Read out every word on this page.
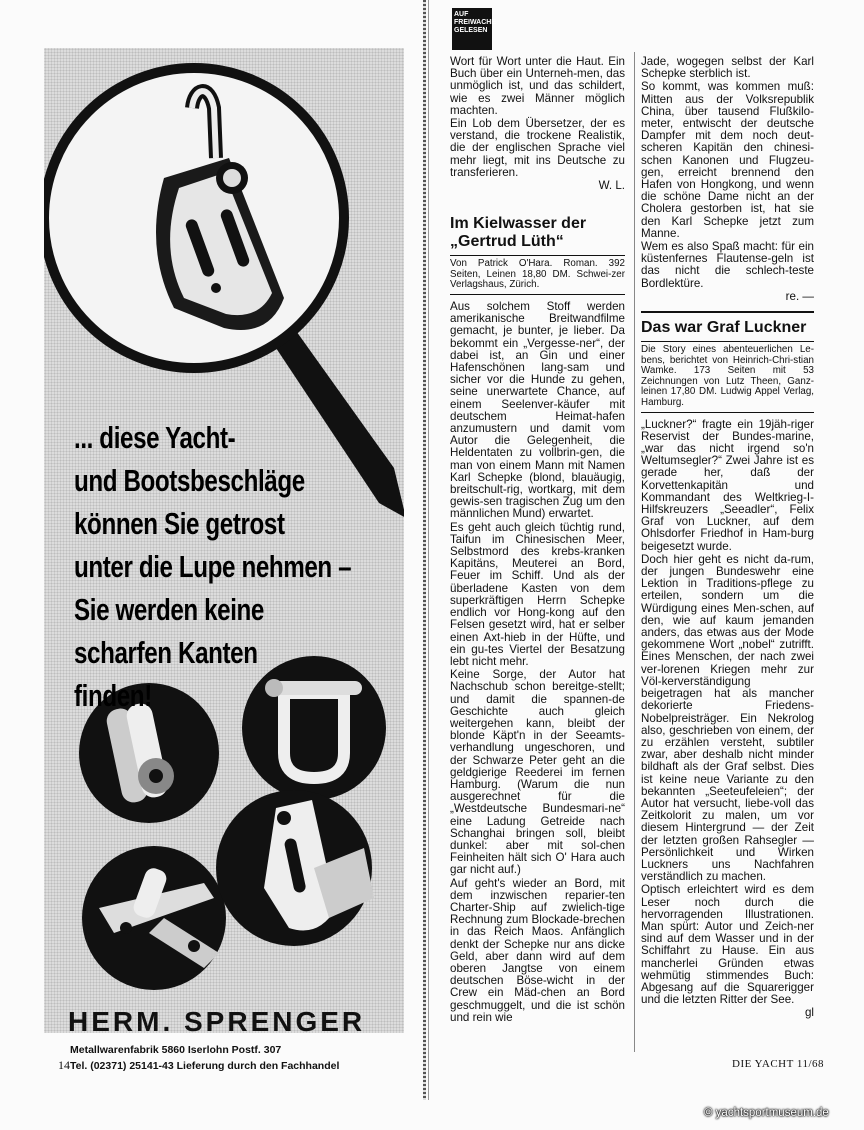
... diese Yacht-
und Bootsbeschläge
können Sie getrost
unter die Lupe nehmen –
Sie werden keine
scharfen Kanten
finden!
HERM. SPRENGER
Metallwarenfabrik 5860 Iserlohn Postf. 307
Tel. (02371) 25141-43 Lieferung durch den Fachhandel
14
AUF FREIWACHE GELESEN

Wort für Wort unter die Haut. Ein Buch über ein Unterneh-men, das unmöglich ist, und das schildert, wie es zwei Männer möglich machten.

Ein Lob dem Übersetzer, der es verstand, die trockene Realistik, die der englischen Sprache viel mehr liegt, mit ins Deutsche zu transferieren.

W. L.

Im Kielwasser der „Gertrud Lüth“
Von Patrick O'Hara. Roman. 392 Seiten, Leinen 18,80 DM. Schwei-zer Verlagshaus, Zürich.

Aus solchem Stoff werden amerikanische Breitwandfilme gemacht, je bunter, je lieber. Da bekommt ein „Vergesse-ner“, der dabei ist, an Gin und einer Hafenschönen lang-sam und sicher vor die Hunde zu gehen, seine unerwartete Chance, auf einem Seelenver-käufer mit deutschem Heimat-hafen anzumustern und damit vom Autor die Gelegenheit, die Heldentaten zu vollbrin-gen, die man von einem Mann mit Namen Karl Schepke (blond, blauäugig, breitschult-rig, wortkarg, mit dem gewis-sen tragischen Zug um den männlichen Mund) erwartet.

Es geht auch gleich tüchtig rund, Taifun im Chinesischen Meer, Selbstmord des krebs-kranken Kapitäns, Meuterei an Bord, Feuer im Schiff. Und als der überladene Kasten von dem superkräftigen Herrn Schepke endlich vor Hong-kong auf den Felsen gesetzt wird, hat er selber einen Axt-hieb in der Hüfte, und ein gu-tes Viertel der Besatzung lebt nicht mehr.

Keine Sorge, der Autor hat Nachschub schon bereitge-stellt; und damit die spannen-de Geschichte auch gleich weitergehen kann, bleibt der blonde Käpt'n in der Seeamts-verhandlung ungeschoren, und der Schwarze Peter geht an die geldgierige Reederei im fernen Hamburg. (Warum die nun ausgerechnet für die „Westdeutsche Bundesmari-ne“ eine Ladung Getreide nach Schanghai bringen soll, bleibt dunkel: aber mit sol-chen Feinheiten hält sich O' Hara auch gar nicht auf.)

Auf geht's wieder an Bord, mit dem inzwischen reparier-ten Charter-Ship auf zwielich-tige Rechnung zum Blockade-brechen in das Reich Maos. Anfänglich denkt der Schepke nur ans dicke Geld, aber dann wird auf dem oberen Jangtse von einem deutschen Böse-wicht in der Crew ein Mäd-chen an Bord geschmuggelt, und die ist schön und rein wie

Jade, wogegen selbst der Karl Schepke sterblich ist.

So kommt, was kommen muß: Mitten aus der Volksrepublik China, über tausend Flußkilo-meter, entwischt der deutsche Dampfer mit dem noch deut-scheren Kapitän den chinesi-schen Kanonen und Flugzeu-gen, erreicht brennend den Hafen von Hongkong, und wenn die schöne Dame nicht an der Cholera gestorben ist, hat sie den Karl Schepke jetzt zum Manne.

Wem es also Spaß macht: für ein küstenfernes Flautense-geln ist das nicht die schlech-teste Bordlektüre.

re. —

Das war Graf Luckner
Die Story eines abenteuerlichen Le-bens, berichtet von Heinrich-Chri-stian Wamke. 173 Seiten mit 53 Zeichnungen von Lutz Theen, Ganz-leinen 17,80 DM. Ludwig Appel Verlag, Hamburg.

„Luckner?“ fragte ein 19jäh-riger Reservist der Bundes-marine, „war das nicht irgend so'n Weltumsegler?“ Zwei Jahre ist es gerade her, daß der Korvettenkapitän und Kommandant des Weltkrieg-I-Hilfskreuzers „Seeadler“, Felix Graf von Luckner, auf dem Ohlsdorfer Friedhof in Ham-burg beigesetzt wurde.

Doch hier geht es nicht da-rum, der jungen Bundeswehr eine Lektion in Traditions-pflege zu erteilen, sondern um die Würdigung eines Men-schen, auf den, wie auf kaum jemanden anders, das etwas aus der Mode gekommene Wort „nobel“ zutrifft. Eines Menschen, der nach zwei ver-lorenen Kriegen mehr zur Völ-kerverständigung beigetragen hat als mancher dekorierte Friedens-Nobelpreisträger. Ein Nekrolog also, geschrieben von einem, der zu erzählen versteht, subtiler zwar, aber deshalb nicht minder bildhaft als der Graf selbst. Dies ist keine neue Variante zu den bekannten „Seeteufeleien“; der Autor hat versucht, liebe-voll das Zeitkolorit zu malen, um vor diesem Hintergrund — der Zeit der letzten großen Rahsegler — Persönlichkeit und Wirken Luckners uns Nachfahren verständlich zu machen.

Optisch erleichtert wird es dem Leser noch durch die hervorragenden Illustrationen. Man spürt: Autor und Zeich-ner sind auf dem Wasser und in der Schiffahrt zu Hause. Ein aus mancherlei Gründen etwas wehmütig stimmendes Buch: Abgesang auf die Squarerigger und die letzten Ritter der See.

gl

DIE YACHT 11/68
© yachtsportmuseum.de
